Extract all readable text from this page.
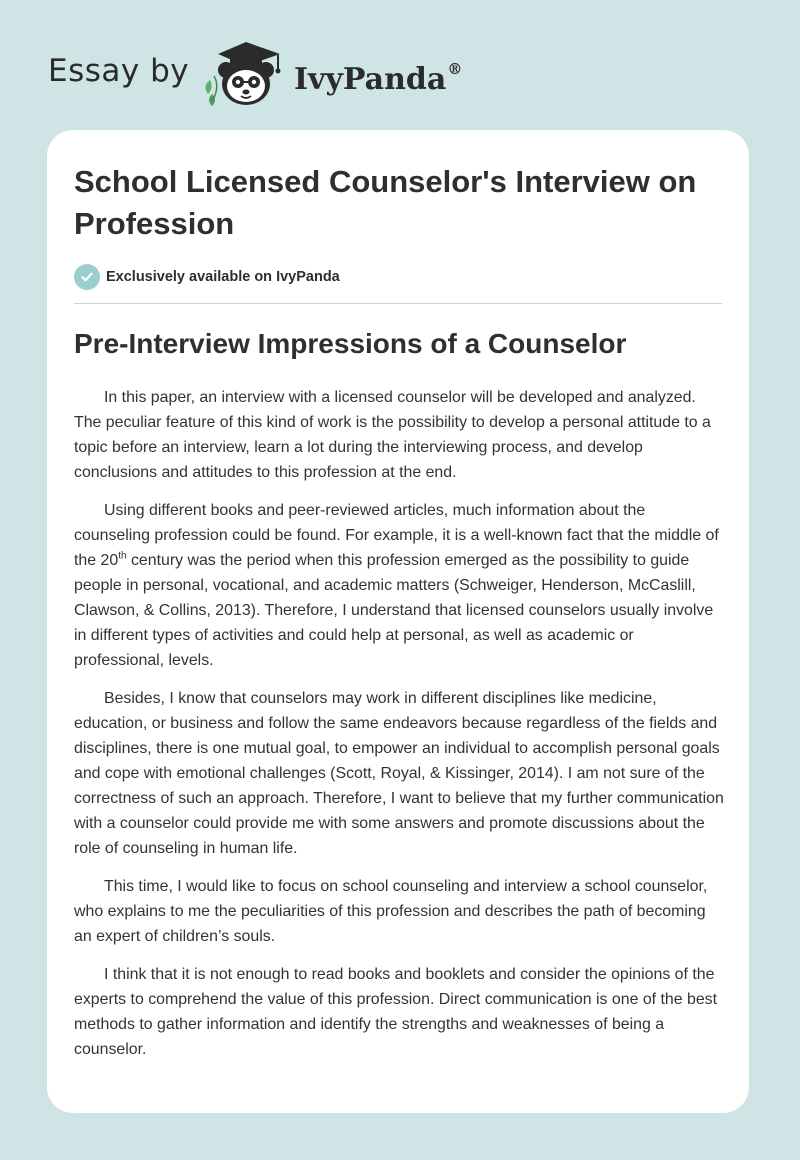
Essay by	IvyPanda®
School Licensed Counselor's Interview on Profession
Exclusively available on IvyPanda
Pre-Interview Impressions of a Counselor

In this paper, an interview with a licensed counselor will be developed and analyzed. The peculiar feature of this kind of work is the possibility to develop a personal attitude to a topic before an interview, learn a lot during the interviewing process, and develop conclusions and attitudes to this profession at the end.

Using different books and peer-reviewed articles, much information about the counseling profession could be found. For example, it is a well-known fact that the middle of the 20th century was the period when this profession emerged as the possibility to guide people in personal, vocational, and academic matters (Schweiger, Henderson, McCaslill, Clawson, & Collins, 2013). Therefore, I understand that licensed counselors usually involve in different types of activities and could help at personal, as well as academic or professional, levels.

Besides, I know that counselors may work in different disciplines like medicine, education, or business and follow the same endeavors because regardless of the fields and disciplines, there is one mutual goal, to empower an individual to accomplish personal goals and cope with emotional challenges (Scott, Royal, & Kissinger, 2014). I am not sure of the correctness of such an approach. Therefore, I want to believe that my further communication with a counselor could provide me with some answers and promote discussions about the role of counseling in human life.

This time, I would like to focus on school counseling and interview a school counselor, who explains to me the peculiarities of this profession and describes the path of becoming an expert of children’s souls.

I think that it is not enough to read books and booklets and consider the opinions of the experts to comprehend the value of this profession. Direct communication is one of the best methods to gather information and identify the strengths and weaknesses of being a counselor.
